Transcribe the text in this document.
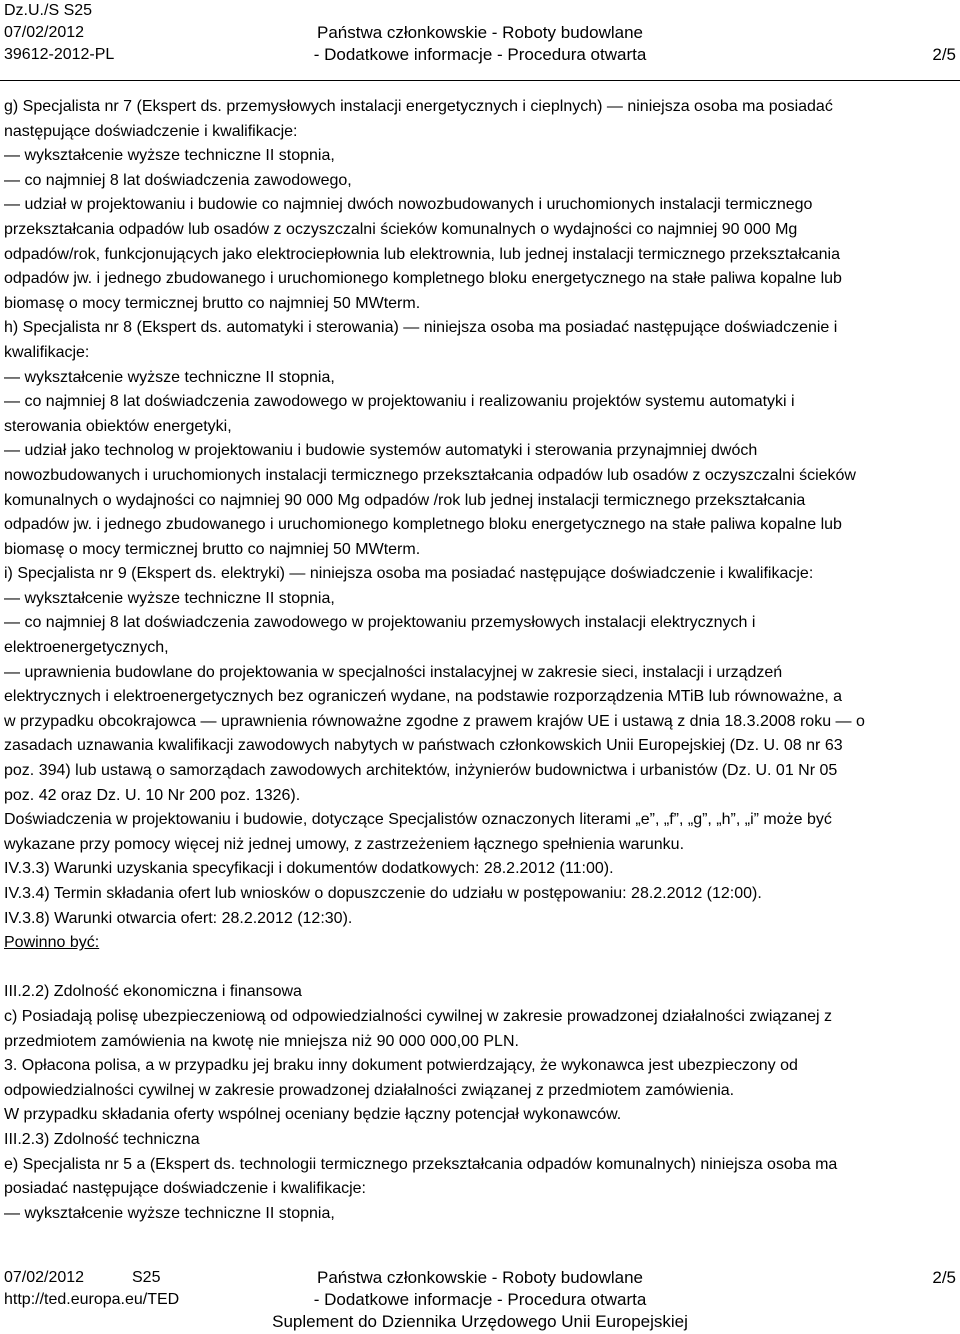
Dz.U./S S25
07/02/2012	Państwa członkowskie - Roboty budowlane
39612-2012-PL	- Dodatkowe informacje - Procedura otwarta	2/5

g) Specjalista nr 7 (Ekspert ds. przemysłowych instalacji energetycznych i cieplnych) — niniejsza osoba ma posiadać

następujące doświadczenie i kwalifikacje:

— wykształcenie wyższe techniczne II stopnia,

— co najmniej 8 lat doświadczenia zawodowego,

— udział w projektowaniu i budowie co najmniej dwóch nowozbudowanych i uruchomionych instalacji termicznego

przekształcania odpadów lub osadów z oczyszczalni ścieków komunalnych o wydajności co najmniej 90 000 Mg

odpadów/rok, funkcjonujących jako elektrociepłownia lub elektrownia, lub jednej instalacji termicznego przekształcania

odpadów jw. i jednego zbudowanego i uruchomionego kompletnego bloku energetycznego na stałe paliwa kopalne lub

biomasę o mocy termicznej brutto co najmniej 50 MWterm.

h) Specjalista nr 8 (Ekspert ds. automatyki i sterowania) — niniejsza osoba ma posiadać następujące doświadczenie i

kwalifikacje:

— wykształcenie wyższe techniczne II stopnia,

— co najmniej 8 lat doświadczenia zawodowego w projektowaniu i realizowaniu projektów systemu automatyki i

sterowania obiektów energetyki,

— udział jako technolog w projektowaniu i budowie systemów automatyki i sterowania przynajmniej dwóch

nowozbudowanych i uruchomionych instalacji termicznego przekształcania odpadów lub osadów z oczyszczalni ścieków

komunalnych o wydajności co najmniej 90 000 Mg odpadów /rok lub jednej instalacji termicznego przekształcania

odpadów jw. i jednego zbudowanego i uruchomionego kompletnego bloku energetycznego na stałe paliwa kopalne lub

biomasę o mocy termicznej brutto co najmniej 50 MWterm.

i) Specjalista nr 9 (Ekspert ds. elektryki) — niniejsza osoba ma posiadać następujące doświadczenie i kwalifikacje:

— wykształcenie wyższe techniczne II stopnia,

— co najmniej 8 lat doświadczenia zawodowego w projektowaniu przemysłowych instalacji elektrycznych i

elektroenergetycznych,

— uprawnienia budowlane do projektowania w specjalności instalacyjnej w zakresie sieci, instalacji i urządzeń

elektrycznych i elektroenergetycznych bez ograniczeń wydane, na podstawie rozporządzenia MTiB lub równoważne, a

w przypadku obcokrajowca — uprawnienia równoważne zgodne z prawem krajów UE i ustawą z dnia 18.3.2008 roku — o

zasadach uznawania kwalifikacji zawodowych nabytych w państwach członkowskich Unii Europejskiej (Dz. U. 08 nr 63

poz. 394) lub ustawą o samorządach zawodowych architektów, inżynierów budownictwa i urbanistów (Dz. U. 01 Nr 05

poz. 42 oraz Dz. U. 10 Nr 200 poz. 1326).

Doświadczenia w projektowaniu i budowie, dotyczące Specjalistów oznaczonych literami „e”, „f”, „g”, „h”, „i” może być

wykazane przy pomocy więcej niż jednej umowy, z zastrzeżeniem łącznego spełnienia warunku.

IV.3.3) Warunki uzyskania specyfikacji i dokumentów dodatkowych: 28.2.2012 (11:00).

IV.3.4) Termin składania ofert lub wniosków o dopuszczenie do udziału w postępowaniu: 28.2.2012 (12:00).

IV.3.8) Warunki otwarcia ofert: 28.2.2012 (12:30).

Powinno być:

III.2.2) Zdolność ekonomiczna i finansowa

c) Posiadają polisę ubezpieczeniową od odpowiedzialności cywilnej w zakresie prowadzonej działalności związanej z

przedmiotem zamówienia na kwotę nie mniejsza niż 90 000 000,00 PLN.

3. Opłacona polisa, a w przypadku jej braku inny dokument potwierdzający, że wykonawca jest ubezpieczony od

odpowiedzialności cywilnej w zakresie prowadzonej działalności związanej z przedmiotem zamówienia.

W przypadku składania oferty wspólnej oceniany będzie łączny potencjał wykonawców.

III.2.3) Zdolność techniczna

e) Specjalista nr 5 a (Ekspert ds. technologii termicznego przekształcania odpadów komunalnych) niniejsza osoba ma

posiadać następujące doświadczenie i kwalifikacje:

— wykształcenie wyższe techniczne II stopnia,

07/02/2012	S25	Państwa członkowskie - Roboty budowlane	2/5
http://ted.europa.eu/TED	- Dodatkowe informacje - Procedura otwarta
Suplement do Dziennika Urzędowego Unii Europejskiej
